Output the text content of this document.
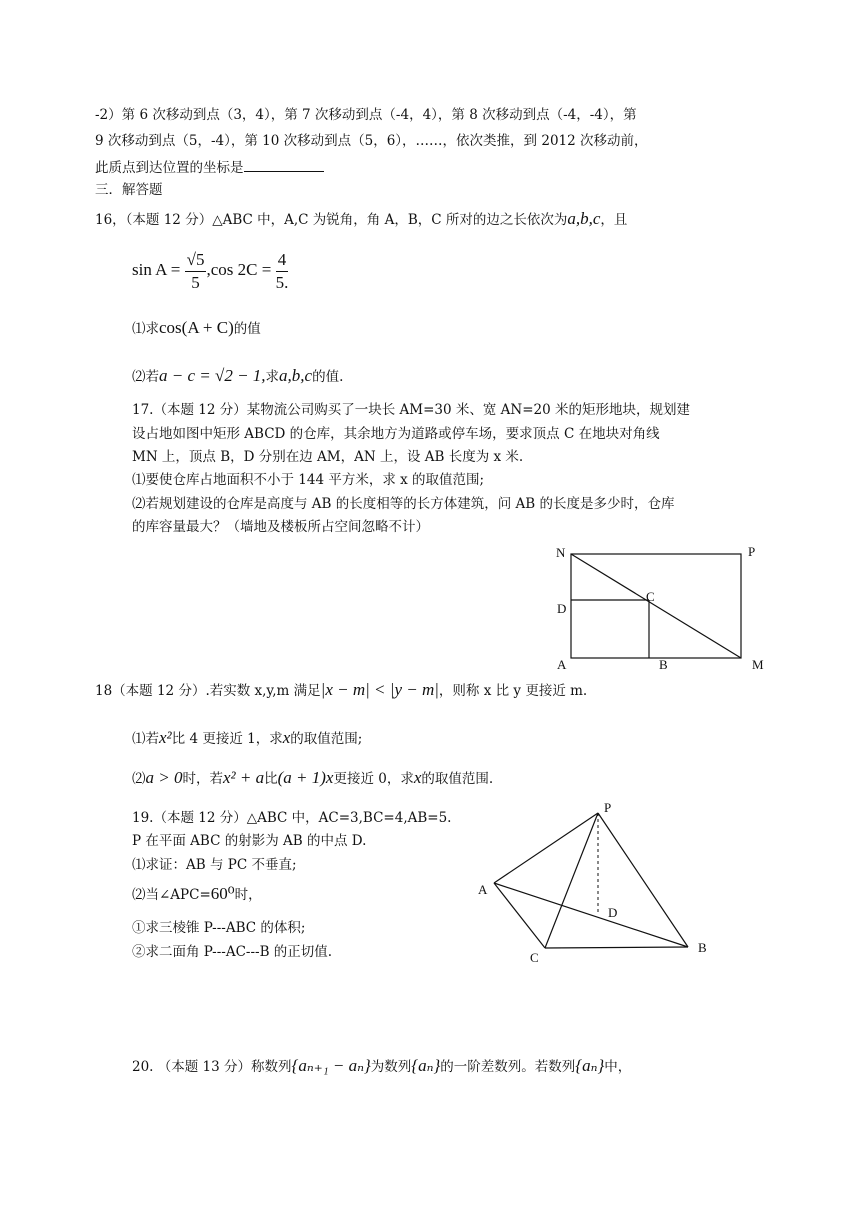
-2）第 6 次移动到点（3，4），第 7 次移动到点（-4，4），第 8 次移动到点（-4，-4），第
9 次移动到点（5，-4），第 10 次移动到点（5，6），……，依次类推，到 2012 次移动前，
此质点到达位置的坐标是
三．解答题
16，（本题 12 分）△ABC 中，A,C 为锐角，角 A，B，C 所对的边之长依次为a,b,c，且
$\sin A = \frac{√5}{5} ,\cos$ $2C = \frac{4}{5.}$
⑴求cos(A + C)的值
⑵若a − c = √2 − 1,求a,b,c的值.
17.（本题 12 分）某物流公司购买了一块长 AM=30 米、宽 AN=20 米的矩形地块，规划建
设占地如图中矩形 ABCD 的仓库，其余地方为道路或停车场，要求顶点 C 在地块对角线
MN 上，顶点 B，D 分别在边 AM，AN 上，设 AB 长度为 x 米.
⑴要使仓库占地面积不小于 144 平方米，求 x 的取值范围;
⑵若规划建设的仓库是高度与 AB 的长度相等的长方体建筑，问 AB 的长度是多少时，仓库
的库容量最大？（墙地及楼板所占空间忽略不计）
N	P
C
D
A	B	M
18（本题 12 分）.若实数 x,y,m 满足|x − m| < |y − m|，则称 x 比 y 更接近 m.
⑴若x²比 4 更接近 1，求x的取值范围;
⑵a > 0时，若x² + a比(a + 1)x更接近 0，求x的取值范围.
19.（本题 12 分）△ABC 中，AC=3,BC=4,AB=5.
P 在平面 ABC 的射影为 AB 的中点 D.
⑴求证：AB 与 PC 不垂直;
⑵当∠APC=60⁰时，
①求三棱锥 P---ABC 的体积;
②求二面角 P---AC---B 的正切值.
P
A
D
C
B
20. （本题 13 分）称数列{aₙ₊₁ − aₙ}为数列{aₙ}的一阶差数列。若数列{aₙ}中，
